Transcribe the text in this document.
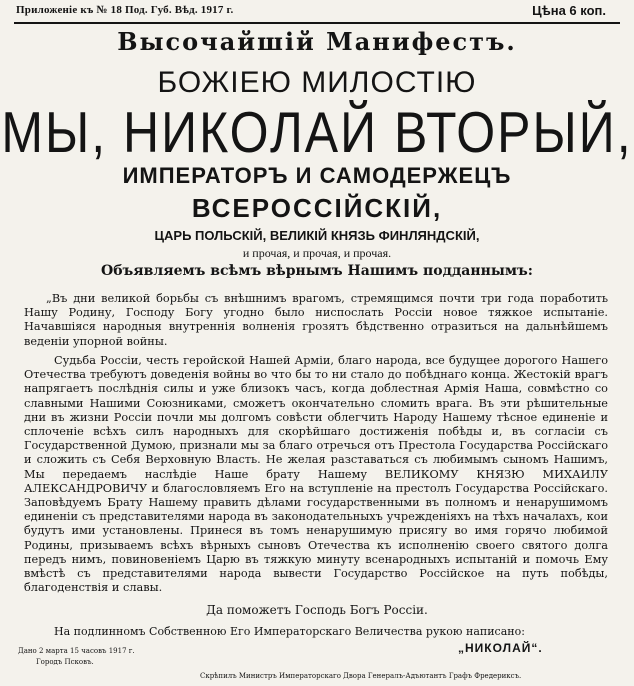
Приложеніе къ № 18 Под. Губ. Вѣд. 1917 г.	Цѣна 6 коп.
Высочайшій Манифестъ.
БОЖІЕЮ МИЛОСТІЮ
МЫ, НИКОЛАЙ ВТОРЫЙ,
ИМПЕРАТОРЪ И САМОДЕРЖЕЦЪ
ВСЕРОССІЙСКІЙ,
ЦАРЬ ПОЛЬСКІЙ, ВЕЛИКІЙ КНЯЗЬ ФИНЛЯНДСКІЙ,
и прочая, и прочая, и прочая.
Объявляемъ всѣмъ вѣрнымъ Нашимъ подданнымъ:
„Въ дни великой борьбы съ внѣшнимъ врагомъ, стремящимся почти три года поработить Нашу Родину, Господу Богу угодно было ниспослать Россіи новое тяжкое испытаніе. Начавшіяся народныя внутреннія волненія грозятъ бѣдственно отразиться на дальнѣйшемъ веденіи упорной войны.
Судьба Россіи, честь геройской Нашей Арміи, благо народа, все будущее дорогого Нашего Отечества требуютъ доведенія войны во что бы то ни стало до побѣднаго конца. Жестокій врагъ напрягаетъ послѣднія силы и уже близокъ часъ, когда доблестная Армія Наша, совмѣстно со славными Нашими Союзниками, сможетъ окончательно сломить врага. Въ эти рѣшительные дни въ жизни Россіи почли мы долгомъ совѣсти облегчить Народу Нашему тѣсное единеніе и сплоченіе всѣхъ силъ народныхъ для скорѣйшаго достиженія побѣды и, въ согласіи съ Государственной Думою, признали мы за благо отречься отъ Престола Государства Россійскаго и сложить съ Себя Верховную Власть. Не желая разставаться съ любимымъ сыномъ Нашимъ, Мы передаемъ наслѣдіе Наше брату Нашему ВЕЛИКОМУ КНЯЗЮ МИХАИЛУ АЛЕКСАНДРОВИЧУ и благословляемъ Его на вступленіе на престолъ Государства Россійскаго. Заповѣдуемъ Брату Нашему править дѣлами государственными въ полномъ и ненарушимомъ единеніи съ представителями народа въ законодательныхъ учрежденіяхъ на тѣхъ началахъ, кои будутъ ими установлены. Принеся въ томъ ненарушимую присягу во имя горячо любимой Родины, призываемъ всѣхъ вѣрныхъ сыновъ Отечества къ исполненію своего святого долга передъ нимъ, повиновеніемъ Царю въ тяжкую минуту всенародныхъ испытаній и помочь Ему вмѣстѣ съ представителями народа вывести Государство Россійское на путь побѣды, благоденствія и славы.
Да поможетъ Господь Богъ Россіи.
На подлинномъ Собственною Его Императорскаго Величества рукою написано:
„НИКОЛАЙ“.
Дано 2 марта 15 часовъ 1917 г.
Городъ Псковъ.
Скрѣпилъ Министръ Императорскаго Двора Генералъ-Адъютантъ Графъ Фредериксъ.
